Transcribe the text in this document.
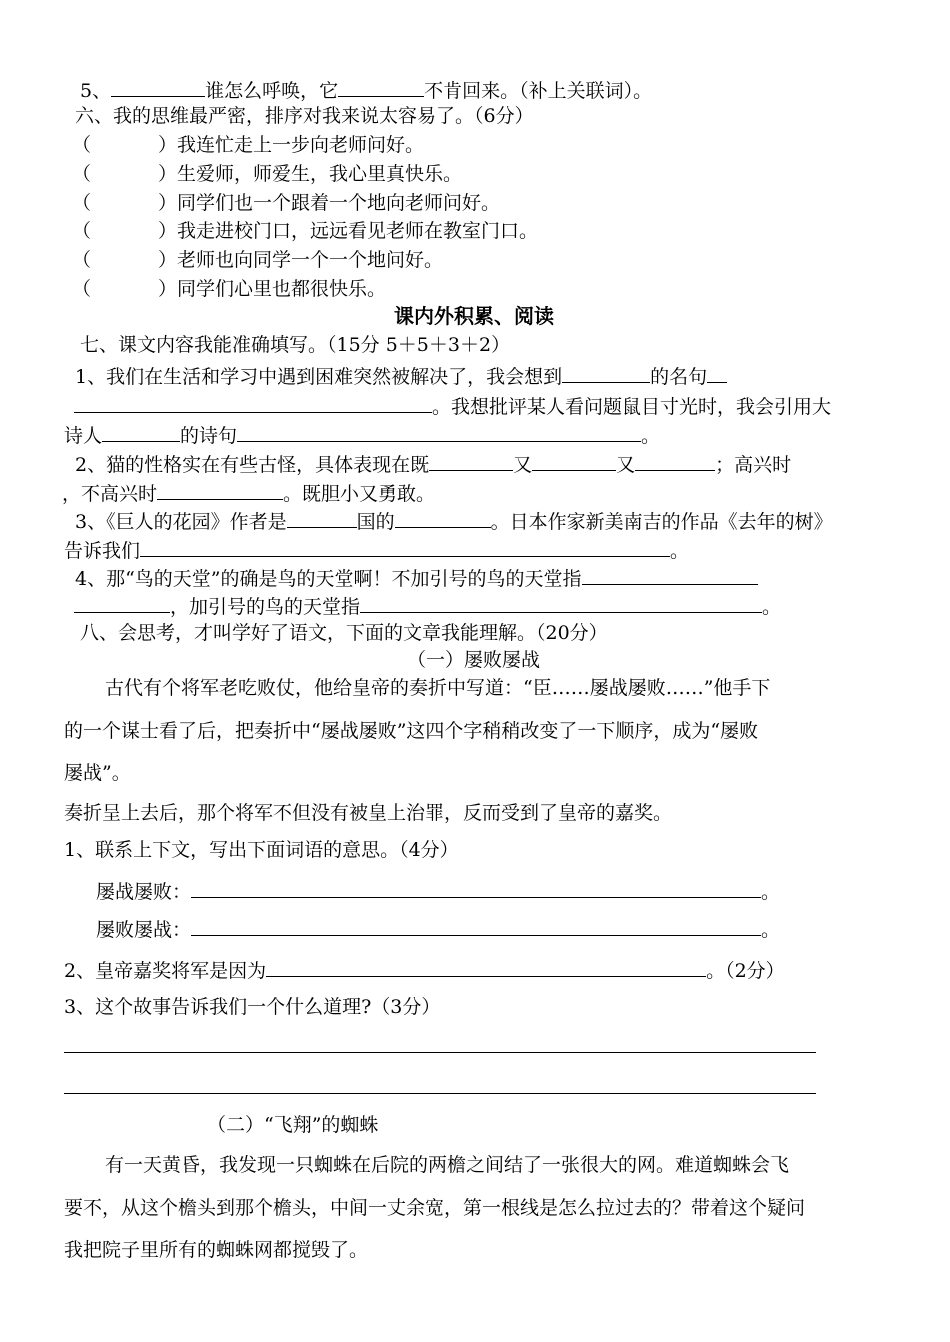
5、	谁怎么呼唤，它	不肯回来。（补上关联词）。
六、我的思维最严密，排序对我来说太容易了。（6分）
（	）我连忙走上一步向老师问好。
（	）生爱师，师爱生，我心里真快乐。
（	）同学们也一个跟着一个地向老师问好。
（	）我走进校门口，远远看见老师在教室门口。
（	）老师也向同学一个一个地问好。
（	）同学们心里也都很快乐。
课内外积累、阅读
七、课文内容我能准确填写。（15分 5＋5＋3＋2）
1、我们在生活和学习中遇到困难突然被解决了，我会想到	的名句
。我想批评某人看问题鼠目寸光时，我会引用大
诗人	的诗句	。
2、猫的性格实在有些古怪，具体表现在既	又	又	；高兴时
，不高兴时	。既胆小又勇敢。
3、《巨人的花园》作者是	国的	。日本作家新美南吉的作品《去年的树》
告诉我们	。
4、那“鸟的天堂”的确是鸟的天堂啊！不加引号的鸟的天堂指
，加引号的鸟的天堂指	。
八、会思考，才叫学好了语文，下面的文章我能理解。（20分）
（一）屡败屡战
古代有个将军老吃败仗，他给皇帝的奏折中写道：“臣……屡战屡败……”他手下
的一个谋士看了后，把奏折中“屡战屡败”这四个字稍稍改变了一下顺序，成为“屡败
屡战”。
奏折呈上去后，那个将军不但没有被皇上治罪，反而受到了皇帝的嘉奖。
1、联系上下文，写出下面词语的意思。（4分）
屡战屡败：	。
屡败屡战：	。
2、皇帝嘉奖将军是因为	。（2分）
3、这个故事告诉我们一个什么道理?（3分）
（二）“飞翔”的蜘蛛
有一天黄昏，我发现一只蜘蛛在后院的两檐之间结了一张很大的网。难道蜘蛛会飞
要不，从这个檐头到那个檐头，中间一丈余宽，第一根线是怎么拉过去的？带着这个疑问
我把院子里所有的蜘蛛网都搅毁了。
